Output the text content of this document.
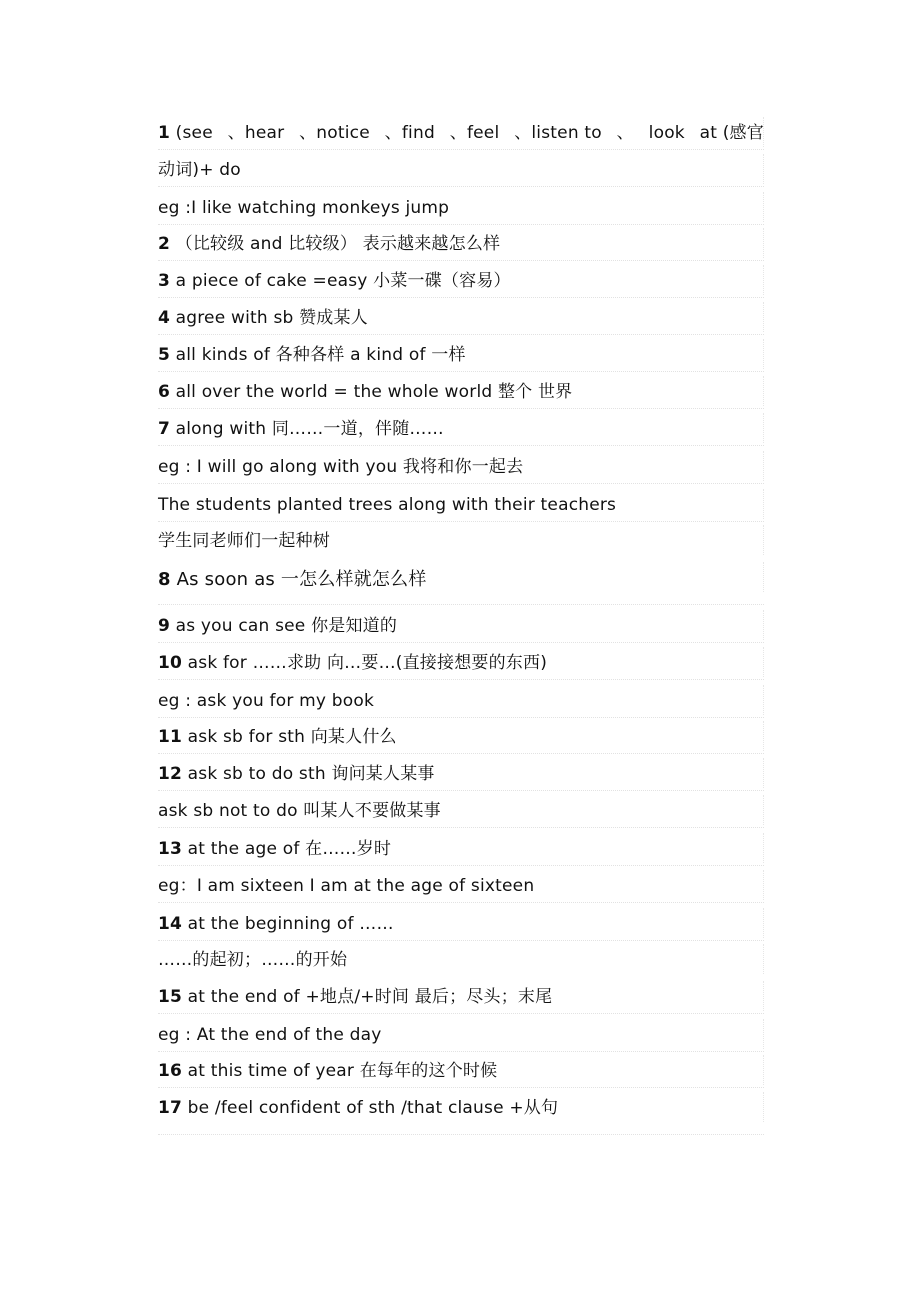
1 (see 、hear 、notice 、find 、feel 、listen to 、 look at (感官
动词)+ do
eg :I like watching monkeys jump
2 （比较级 and 比较级） 表示越来越怎么样
3 a piece of cake =easy 小菜一碟（容易）
4 agree with sb 赞成某人
5 all kinds of 各种各样 a kind of 一样
6 all over the world = the whole world 整个 世界
7 along with 同……一道，伴随……
eg : I will go along with you 我将和你一起去
The students planted trees along with their teachers
学生同老师们一起种树
8 As soon as 一怎么样就怎么样
9 as you can see 你是知道的
10 ask for ……求助 向…要…(直接接想要的东西)
eg : ask you for my book
11 ask sb for sth 向某人什么
12 ask sb to do sth 询问某人某事
ask sb not to do 叫某人不要做某事
13 at the age of 在……岁时
eg：I am sixteen I am at the age of sixteen
14 at the beginning of ……
……的起初；……的开始
15 at the end of +地点/+时间 最后；尽头；末尾
eg : At the end of the day
16 at this time of year 在每年的这个时候
17 be /feel confident of sth /that clause +从句
